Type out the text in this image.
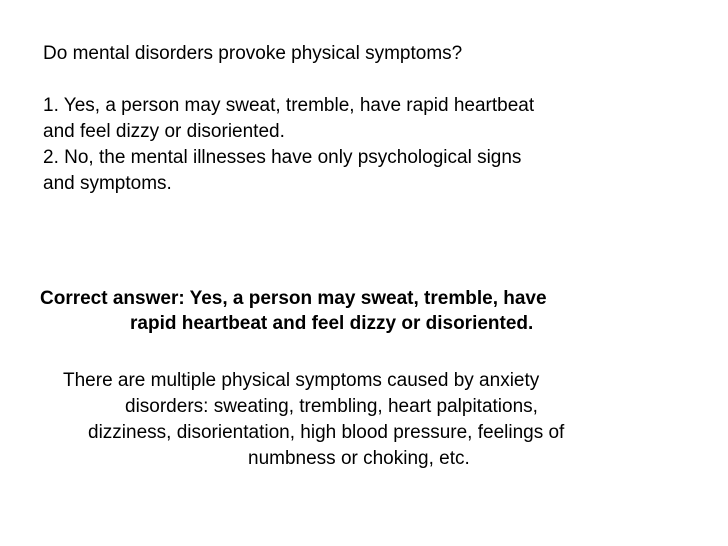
Do mental disorders provoke physical symptoms?
1. Yes, a person may sweat, tremble, have rapid heartbeat
and feel dizzy or disoriented.
2. No, the mental illnesses have only psychological signs
and symptoms.
Correct answer: Yes, a person may sweat, tremble, have
rapid heartbeat and feel dizzy or disoriented.
There are multiple physical symptoms caused by anxiety
disorders: sweating, trembling, heart palpitations,
dizziness, disorientation, high blood pressure, feelings of
numbness or choking, etc.
